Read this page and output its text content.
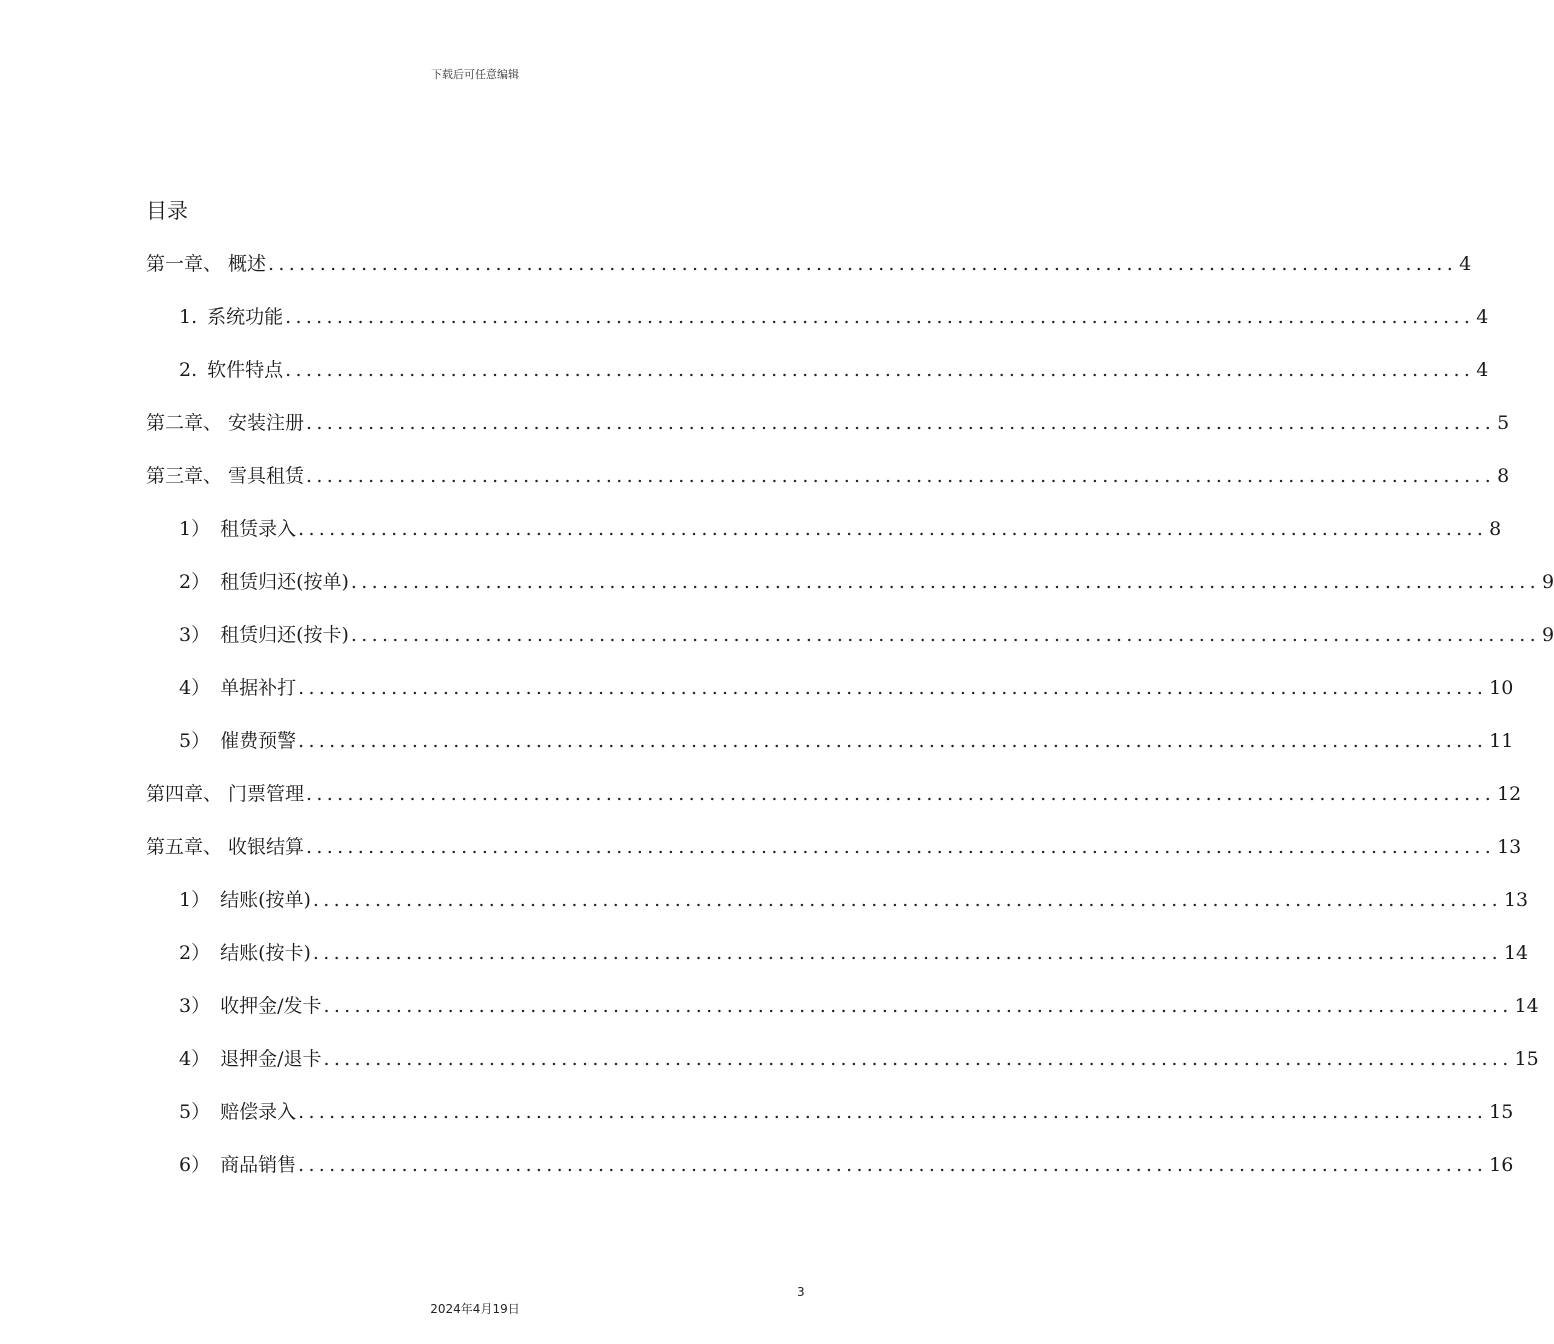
下载后可任意编辑
目录
第一章、 概述 ................................................................................................................... 4
1. 系统功能 ................................................................................................................... 4
2. 软件特点 ................................................................................................................... 4
第二章、 安装注册 ................................................................................................................... 5
第三章、 雪具租赁 ................................................................................................................... 8
1） 租赁录入 ................................................................................................................... 8
2） 租赁归还(按单) ................................................................................................................... 9
3） 租赁归还(按卡) ................................................................................................................... 9
4） 单据补打 ................................................................................................................... 10
5） 催费预警 ................................................................................................................... 11
第四章、 门票管理 ................................................................................................................... 12
第五章、 收银结算 ................................................................................................................... 13
1） 结账(按单) ................................................................................................................... 13
2） 结账(按卡) ................................................................................................................... 14
3） 收押金/发卡 ................................................................................................................... 14
4） 退押金/退卡 ................................................................................................................... 15
5） 赔偿录入 ................................................................................................................... 15
6） 商品销售 ................................................................................................................... 16
3
2024年4月19日
